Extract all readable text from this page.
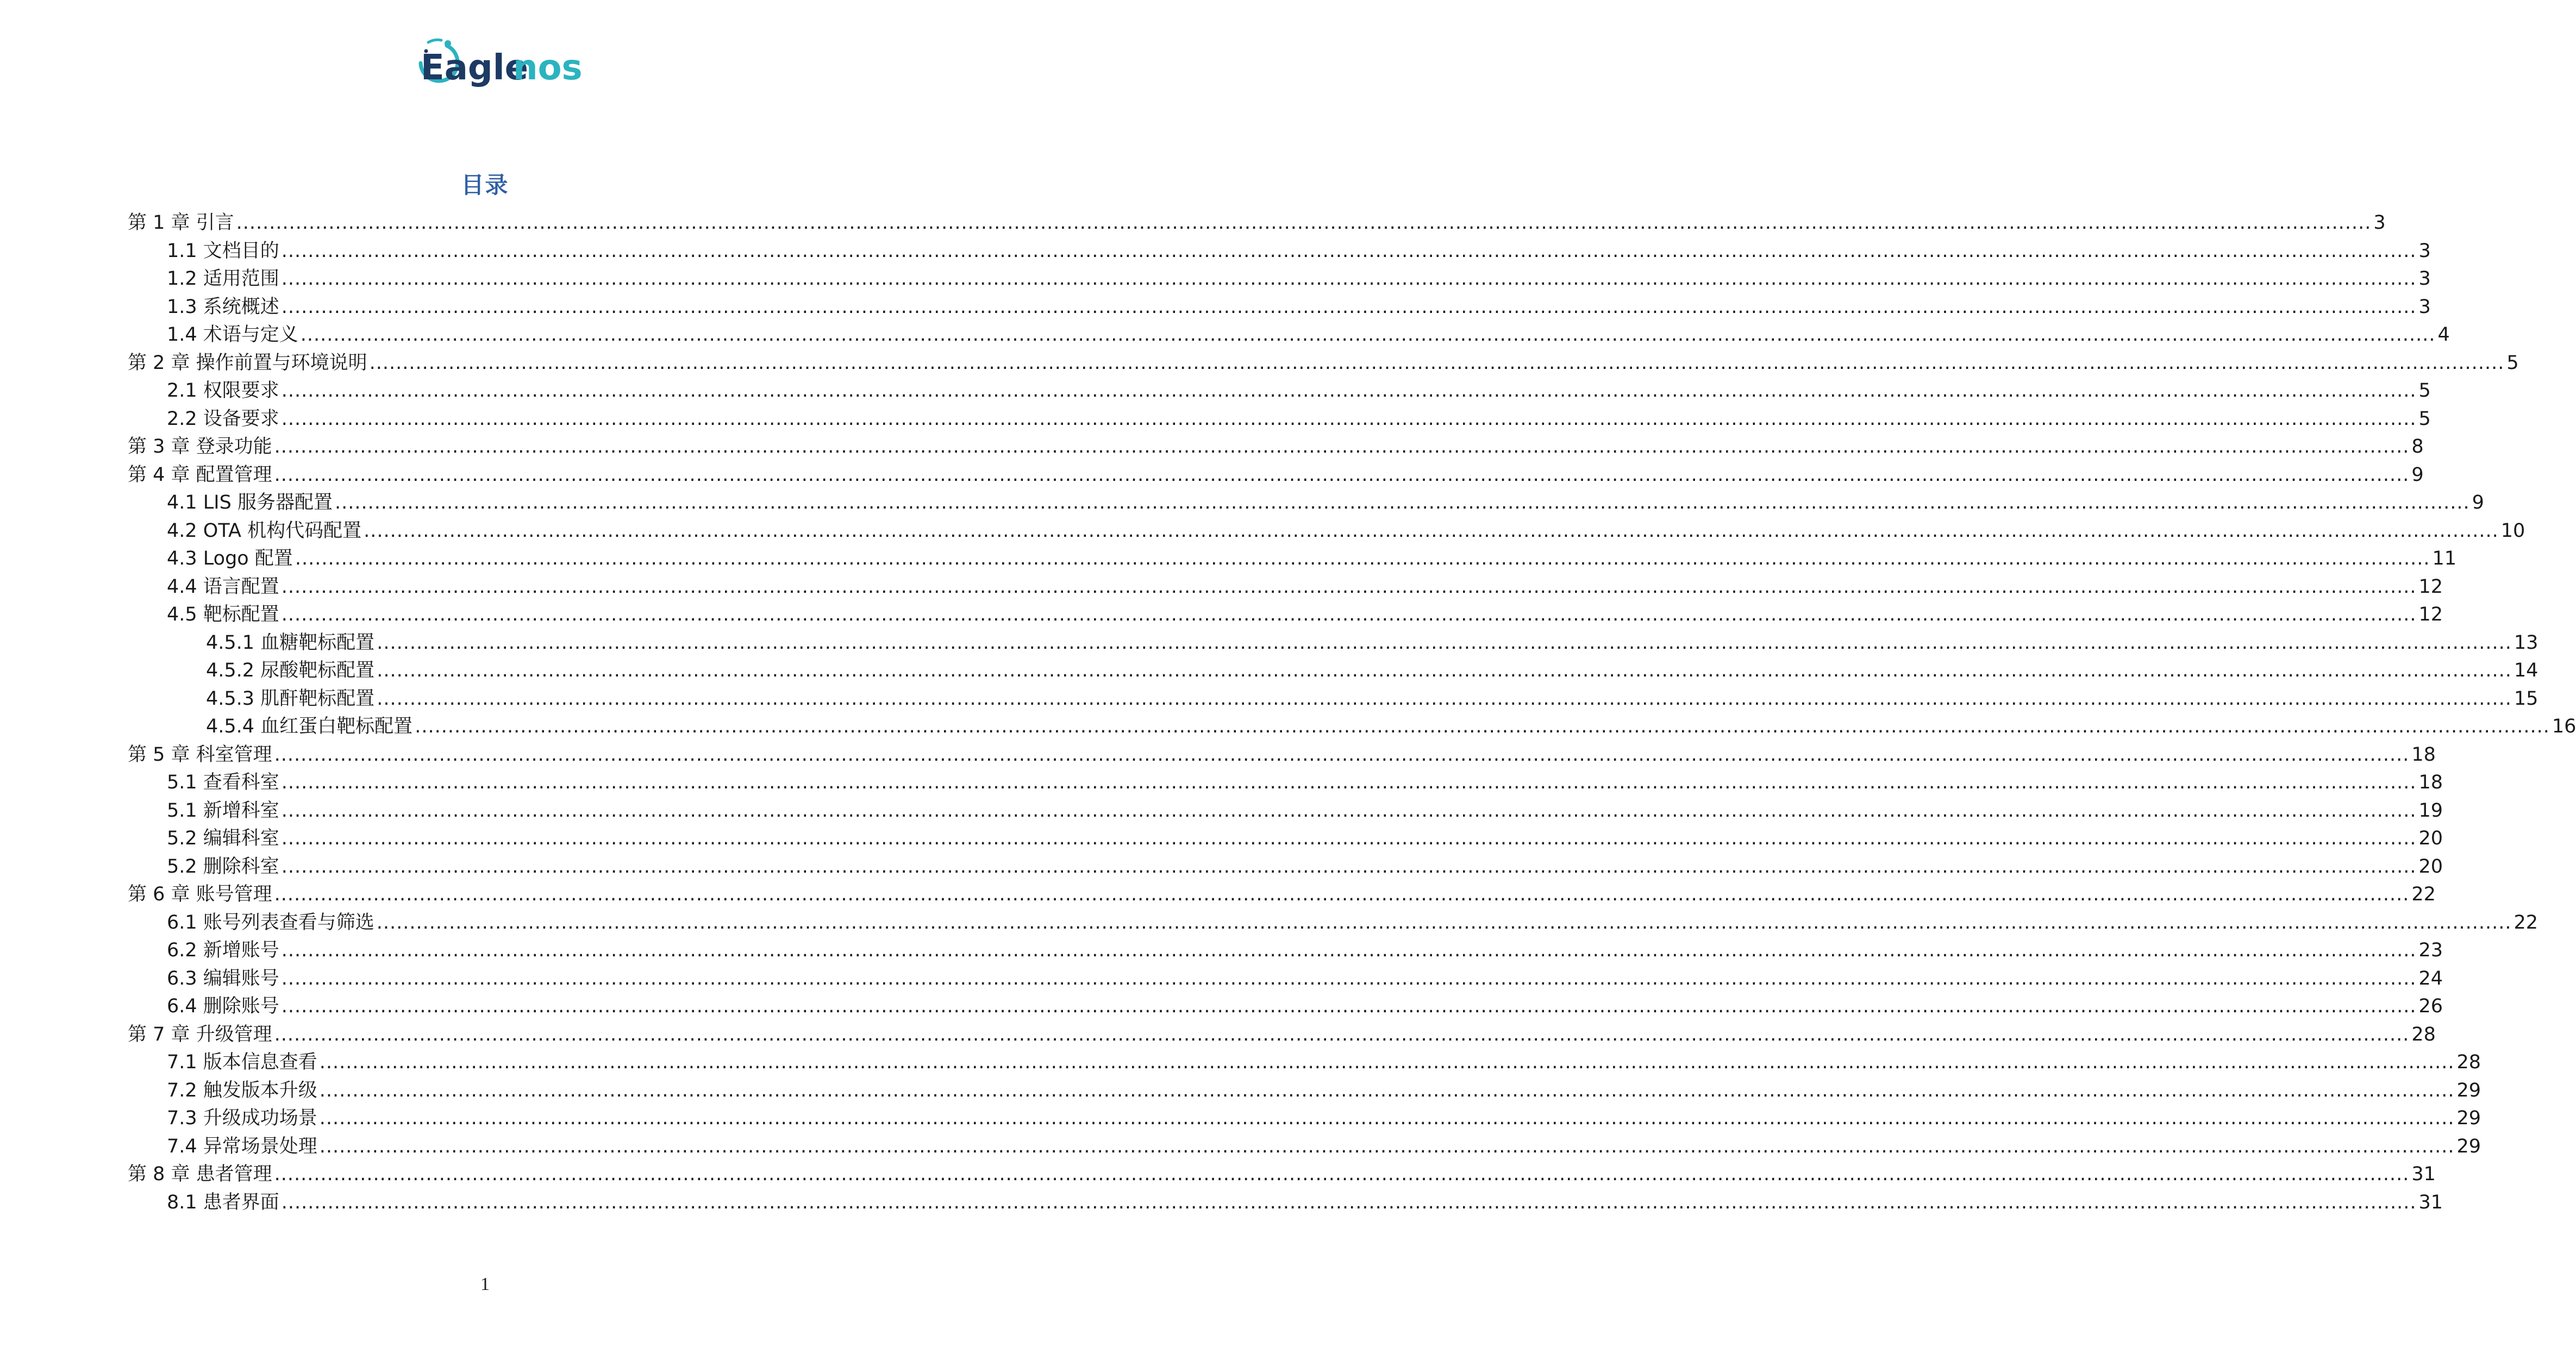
Eagle
nos
目录
第 1 章 引言 .....	3
1.1 文档目的 .....	3
1.2 适用范围 .....	3
1.3 系统概述 .....	3
1.4 术语与定义 .....	4
第 2 章 操作前置与环境说明 .....	5
2.1 权限要求 .....	5
2.2 设备要求 .....	5
第 3 章 登录功能 .....	8
第 4 章 配置管理 .....	9
4.1 LIS 服务器配置 .....	9
4.2 OTA 机构代码配置 .....	10
4.3 Logo 配置 .....	11
4.4 语言配置 .....	12
4.5 靶标配置 .....	12
4.5.1 血糖靶标配置 .....	13
4.5.2 尿酸靶标配置 .....	14
4.5.3 肌酐靶标配置 .....	15
4.5.4 血红蛋白靶标配置 .....	16
第 5 章 科室管理 .....	18
5.1 查看科室 .....	18
5.1 新增科室 .....	19
5.2 编辑科室 .....	20
5.2 删除科室 .....	20
第 6 章 账号管理 .....	22
6.1 账号列表查看与筛选 .....	22
6.2 新增账号 .....	23
6.3 编辑账号 .....	24
6.4 删除账号 .....	26
第 7 章 升级管理 .....	28
7.1 版本信息查看 .....	28
7.2 触发版本升级 .....	29
7.3 升级成功场景 .....	29
7.4 异常场景处理 .....	29
第 8 章 患者管理 .....	31
8.1 患者界面 .....	31
1
